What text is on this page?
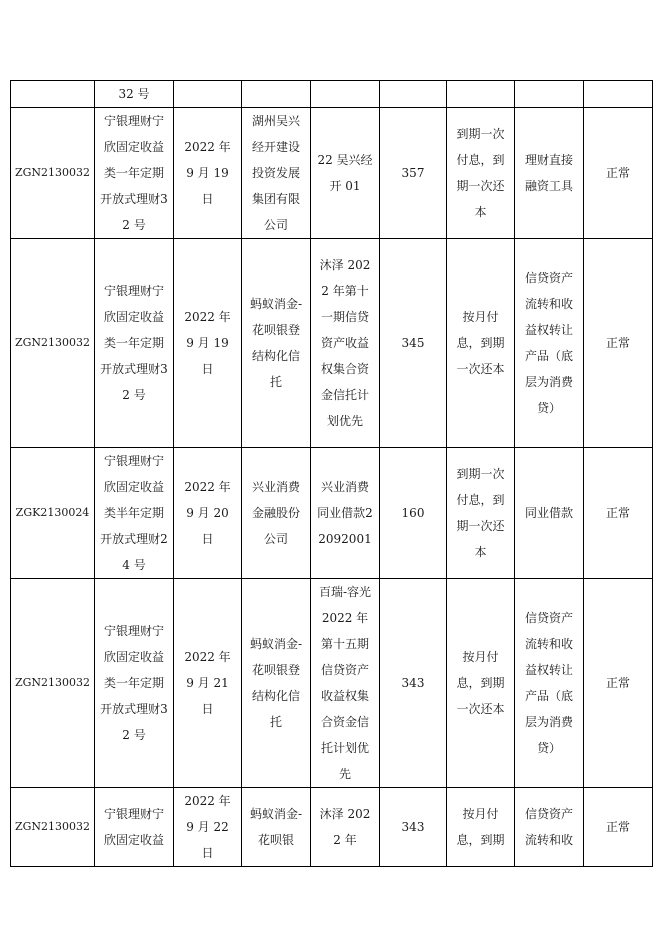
	32 号							
ZGN2130032	宁银理财宁欣固定收益类一年定期开放式理财32 号	2022 年 9 月 19 日	湖州吴兴经开建设投资发展集团有限公司	22 吴兴经开 01	357	到期一次付息，到期一次还本	理财直接融资工具	正常
ZGN2130032	宁银理财宁欣固定收益类一年定期开放式理财32 号	2022 年 9 月 19 日	蚂蚁消金-花呗银登结构化信托	沐泽 2022 年第十一期信贷资产收益权集合资金信托计划优先	345	按月付息，到期一次还本	信贷资产流转和收益权转让产品（底层为消费贷）	正常
ZGK2130024	宁银理财宁欣固定收益类半年定期开放式理财24 号	2022 年 9 月 20 日	兴业消费金融股份公司	兴业消费同业借款22092001	160	到期一次付息，到期一次还本	同业借款	正常
ZGN2130032	宁银理财宁欣固定收益类一年定期开放式理财32 号	2022 年 9 月 21 日	蚂蚁消金-花呗银登结构化信托	百瑞-容光 2022 年第十五期信贷资产收益权集合资金信托计划优先	343	按月付息，到期一次还本	信贷资产流转和收益权转让产品（底层为消费贷）	正常
ZGN2130032	宁银理财宁欣固定收益	2022 年 9 月 22 日	蚂蚁消金-花呗银	沐泽 2022 年	343	按月付息，到期	信贷资产流转和收	正常
